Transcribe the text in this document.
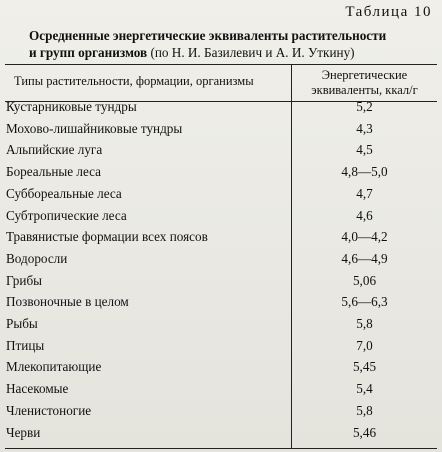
Таблица 10
Осредненные энергетические эквиваленты растительности
и групп организмов (по Н. И. Базилевич и А. И. Уткину)
Типы растительности, формации, организмы	Энергетические
эквиваленты, ккал/г
Кустарниковые тундры	5,2
Мохово-лишайниковые тундры	4,3
Альпийские луга	4,5
Бореальные леса	4,8—5,0
Суббореальные леса	4,7
Субтропические леса	4,6
Травянистые формации всех поясов	4,0—4,2
Водоросли	4,6—4,9
Грибы	5,06
Позвоночные в целом	5,6—6,3
Рыбы	5,8
Птицы	7,0
Млекопитающие	5,45
Насекомые	5,4
Членистоногие	5,8
Черви	5,46
